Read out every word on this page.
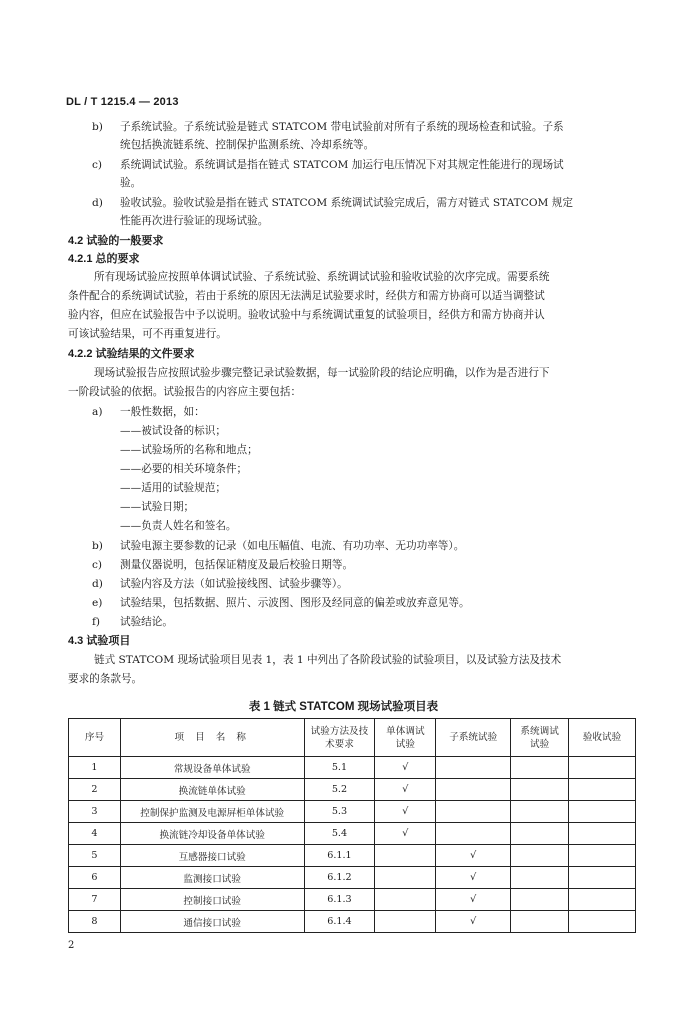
DL / T 1215.4 — 2013
b) 子系统试验。子系统试验是链式 STATCOM 带电试验前对所有子系统的现场检查和试验。子系
统包括换流链系统、控制保护监测系统、冷却系统等。
c) 系统调试试验。系统调试是指在链式 STATCOM 加运行电压情况下对其规定性能进行的现场试
验。
d) 验收试验。验收试验是指在链式 STATCOM 系统调试试验完成后，需方对链式 STATCOM 规定
性能再次进行验证的现场试验。
4.2 试验的一般要求
4.2.1 总的要求
所有现场试验应按照单体调试试验、子系统试验、系统调试试验和验收试验的次序完成。需要系统
条件配合的系统调试试验，若由于系统的原因无法满足试验要求时，经供方和需方协商可以适当调整试
验内容，但应在试验报告中予以说明。验收试验中与系统调试重复的试验项目，经供方和需方协商并认
可该试验结果，可不再重复进行。
4.2.2 试验结果的文件要求
现场试验报告应按照试验步骤完整记录试验数据，每一试验阶段的结论应明确，以作为是否进行下
一阶段试验的依据。试验报告的内容应主要包括：
a) 一般性数据，如：
——被试设备的标识；
——试验场所的名称和地点；
——必要的相关环境条件；
——适用的试验规范；
——试验日期；
——负责人姓名和签名。
b) 试验电源主要参数的记录（如电压幅值、电流、有功功率、无功功率等）。
c) 测量仪器说明，包括保证精度及最后校验日期等。
d) 试验内容及方法（如试验接线图、试验步骤等）。
e) 试验结果，包括数据、照片、示波图、图形及经同意的偏差或放弃意见等。
f) 试验结论。
4.3 试验项目
链式 STATCOM 现场试验项目见表 1，表 1 中列出了各阶段试验的试验项目，以及试验方法及技术
要求的条款号。
表 1 链式 STATCOM 现场试验项目表
序号	项 目 名 称	试验方法及技术要求	单体调试试验	子系统试验	系统调试试验	验收试验
1	常规设备单体试验	5.1	√			
2	换流链单体试验	5.2	√			
3	控制保护监测及电源屏柜单体试验	5.3	√			
4	换流链冷却设备单体试验	5.4	√			
5	互感器接口试验	6.1.1		√		
6	监测接口试验	6.1.2		√		
7	控制接口试验	6.1.3		√		
8	通信接口试验	6.1.4		√		
2
